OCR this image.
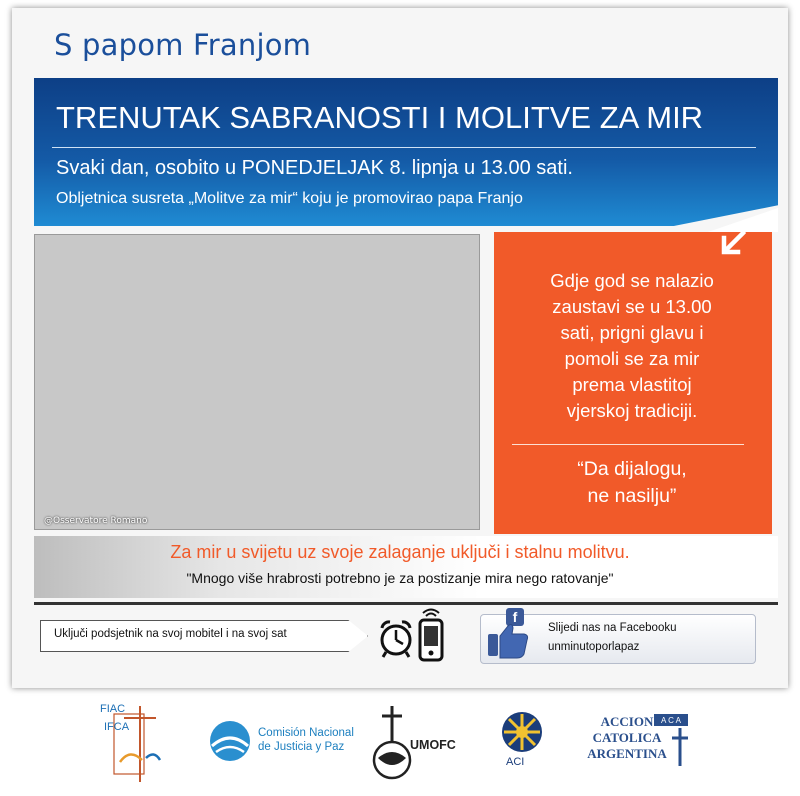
S papom Franjom
TRENUTAK SABRANOSTI I MOLITVE ZA MIR
Svaki dan, osobito u PONEDJELJAK 8. lipnja u 13.00 sati.
Obljetnica susreta „Molitve za mir“ koju je promovirao papa Franjo
@Osservatore Romano
Gdje god se nalazio
zaustavi se u 13.00
sati, prigni glavu i
pomoli se za mir
prema vlastitoj
vjerskoj tradiciji.
“Da dijalogu,
ne nasilju”
Za mir u svijetu uz svoje zalaganje uključi i stalnu molitvu.
"Mnogo više hrabrosti potrebno je za postizanje mira nego ratovanje"
Uključi podsjetnik na svoj mobitel i na svoj sat
f
Slijedi nas na Facebooku
unminutoporlapaz
FIAC
IFCA	Comisión Nacional
de Justicia y Paz	UMOFC
ACI
ACCION
CATOLICA
ARGENTINA
A C A
